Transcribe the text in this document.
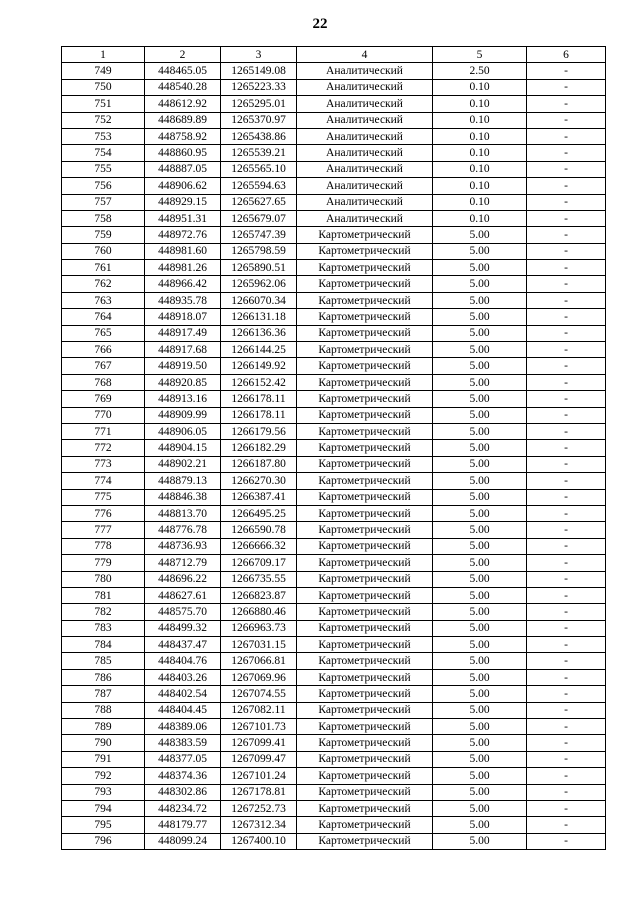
22
1	2	3	4	5	6
749	448465.05	1265149.08	Аналитический	2.50	-
750	448540.28	1265223.33	Аналитический	0.10	-
751	448612.92	1265295.01	Аналитический	0.10	-
752	448689.89	1265370.97	Аналитический	0.10	-
753	448758.92	1265438.86	Аналитический	0.10	-
754	448860.95	1265539.21	Аналитический	0.10	-
755	448887.05	1265565.10	Аналитический	0.10	-
756	448906.62	1265594.63	Аналитический	0.10	-
757	448929.15	1265627.65	Аналитический	0.10	-
758	448951.31	1265679.07	Аналитический	0.10	-
759	448972.76	1265747.39	Картометрический	5.00	-
760	448981.60	1265798.59	Картометрический	5.00	-
761	448981.26	1265890.51	Картометрический	5.00	-
762	448966.42	1265962.06	Картометрический	5.00	-
763	448935.78	1266070.34	Картометрический	5.00	-
764	448918.07	1266131.18	Картометрический	5.00	-
765	448917.49	1266136.36	Картометрический	5.00	-
766	448917.68	1266144.25	Картометрический	5.00	-
767	448919.50	1266149.92	Картометрический	5.00	-
768	448920.85	1266152.42	Картометрический	5.00	-
769	448913.16	1266178.11	Картометрический	5.00	-
770	448909.99	1266178.11	Картометрический	5.00	-
771	448906.05	1266179.56	Картометрический	5.00	-
772	448904.15	1266182.29	Картометрический	5.00	-
773	448902.21	1266187.80	Картометрический	5.00	-
774	448879.13	1266270.30	Картометрический	5.00	-
775	448846.38	1266387.41	Картометрический	5.00	-
776	448813.70	1266495.25	Картометрический	5.00	-
777	448776.78	1266590.78	Картометрический	5.00	-
778	448736.93	1266666.32	Картометрический	5.00	-
779	448712.79	1266709.17	Картометрический	5.00	-
780	448696.22	1266735.55	Картометрический	5.00	-
781	448627.61	1266823.87	Картометрический	5.00	-
782	448575.70	1266880.46	Картометрический	5.00	-
783	448499.32	1266963.73	Картометрический	5.00	-
784	448437.47	1267031.15	Картометрический	5.00	-
785	448404.76	1267066.81	Картометрический	5.00	-
786	448403.26	1267069.96	Картометрический	5.00	-
787	448402.54	1267074.55	Картометрический	5.00	-
788	448404.45	1267082.11	Картометрический	5.00	-
789	448389.06	1267101.73	Картометрический	5.00	-
790	448383.59	1267099.41	Картометрический	5.00	-
791	448377.05	1267099.47	Картометрический	5.00	-
792	448374.36	1267101.24	Картометрический	5.00	-
793	448302.86	1267178.81	Картометрический	5.00	-
794	448234.72	1267252.73	Картометрический	5.00	-
795	448179.77	1267312.34	Картометрический	5.00	-
796	448099.24	1267400.10	Картометрический	5.00	-
